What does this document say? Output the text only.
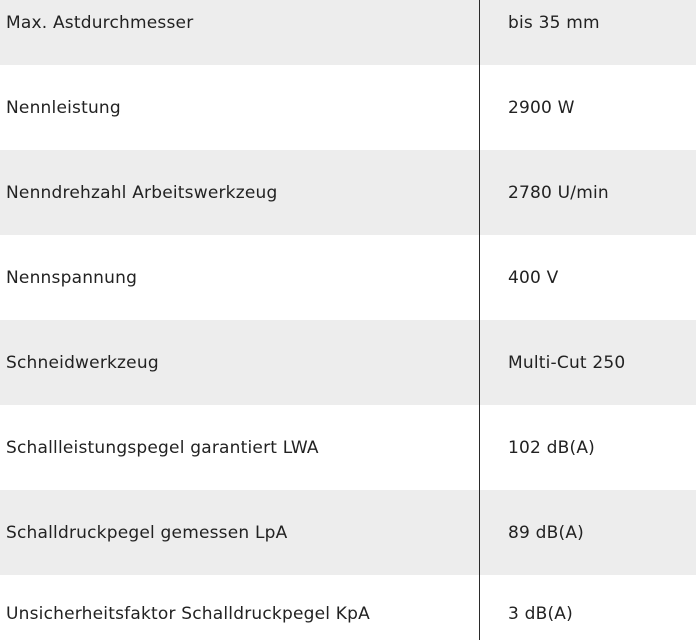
Max. Astdurchmesser	bis 35 mm
Nennleistung	2900 W
Nenndrehzahl Arbeitswerkzeug	2780 U/min
Nennspannung	400 V
Schneidwerkzeug	Multi-Cut 250
Schallleistungspegel garantiert LWA	102 dB(A)
Schalldruckpegel gemessen LpA	89 dB(A)
Unsicherheitsfaktor Schalldruckpegel KpA	3 dB(A)
